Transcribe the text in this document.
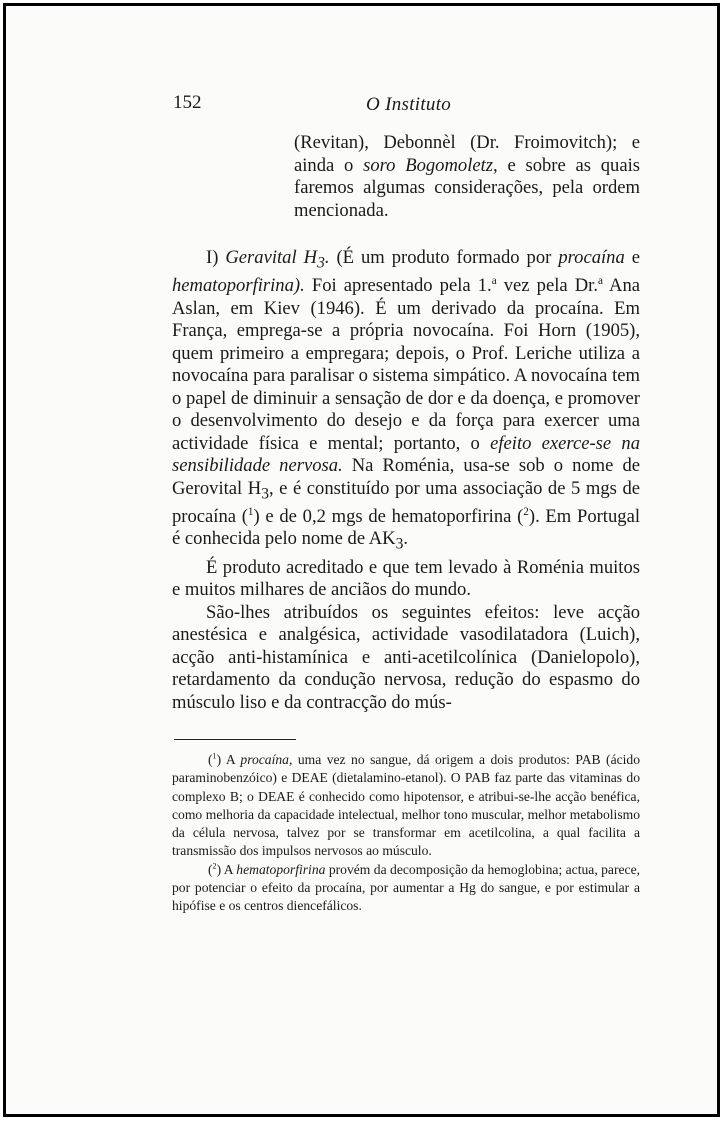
152	O Instituto

(Revitan), Debonnèl (Dr. Froimovitch); e ainda o soro Bogomoletz, e sobre as quais faremos algumas considerações, pela ordem mencionada.

I) Geravital $H_3$. (É um produto formado por procaína e hematoporfirina). Foi apresentado pela 1.$^a$ vez pela Dr.$^a$ Ana Aslan, em Kiev (1946). É um derivado da procaína. Em França, emprega-se a própria novocaína. Foi Horn (1905), quem primeiro a empregara; depois, o Prof. Leriche utiliza a novocaína para paralisar o sistema simpático. A novocaína tem o papel de diminuir a sensação de dor e da doença, e promover o desenvolvimento do desejo e da força para exercer uma actividade física e mental; portanto, o efeito exerce-se na sensibilidade nervosa. Na Roménia, usa-se sob o nome de Gerovital $H_3$, e é constituído por uma associação de 5 mgs de procaína ($^1$) e de 0,2 mgs de hematoporfirina ($^2$). Em Portugal é conhecida pelo nome de $AK_3$.

É produto acreditado e que tem levado à Roménia muitos e muitos milhares de anciãos do mundo.

São-lhes atribuídos os seguintes efeitos: leve acção anestésica e analgésica, actividade vasodilatadora (Luich), acção anti-histamínica e anti-acetilcolínica (Danielopolo), retardamento da condução nervosa, redução do espasmo do músculo liso e da contracção do mús-

($^1$) A procaína, uma vez no sangue, dá origem a dois produtos: PAB (ácido paraminobenzóico) e DEAE (dietalamino-etanol). O PAB faz parte das vitaminas do complexo B; o DEAE é conhecido como hipotensor, e atribui-se-lhe acção benéfica, como melhoria da capacidade intelectual, melhor tono muscular, melhor metabolismo da célula nervosa, talvez por se transformar em acetilcolina, a qual facilita a transmissão dos impulsos nervosos ao músculo.

($^2$) A hematoporfirina provém da decomposição da hemoglobina; actua, parece, por potenciar o efeito da procaína, por aumentar a Hg do sangue, e por estimular a hipófise e os centros diencefálicos.
